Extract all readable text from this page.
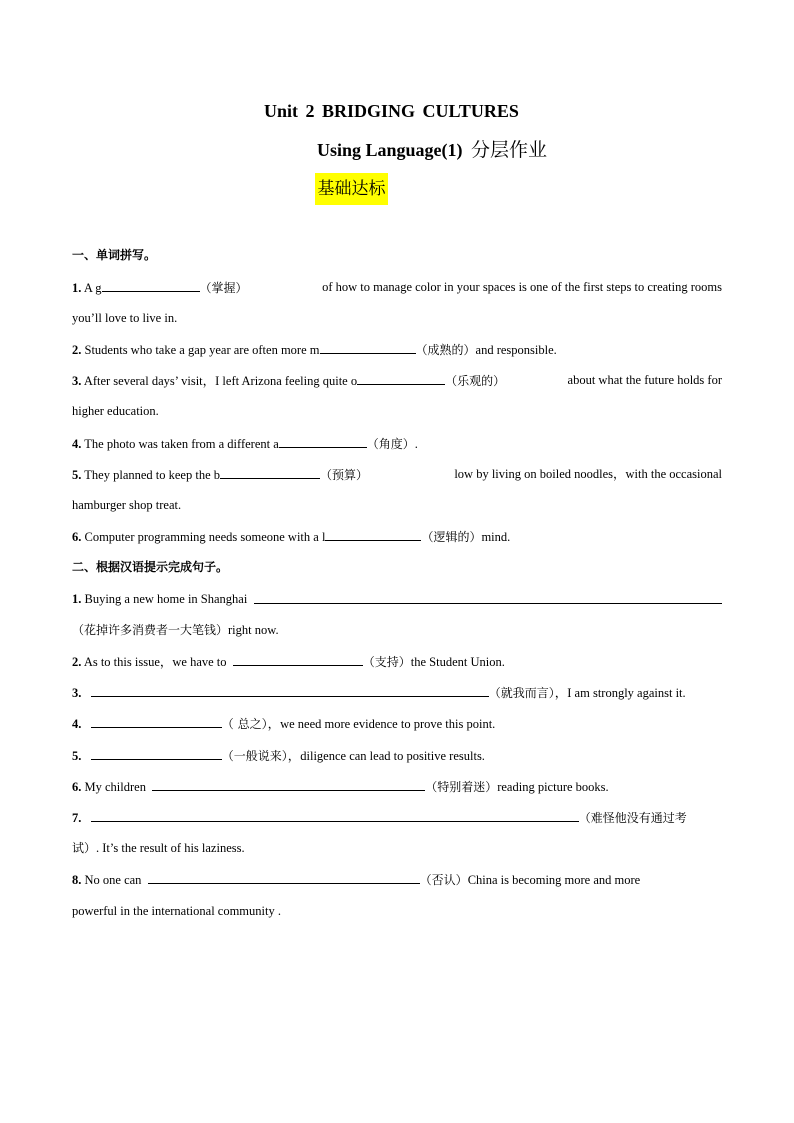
Unit 2 BRIDGING CULTURES
Using Language(1) 分层作业
基础达标
一、单词拼写。
1. A g	（掌握）	of how to manage color in your spaces is one of the first steps to creating rooms
you’ll love to live in.
2. Students who take a gap year are often more m	（成熟的）and responsible.
3. After several days’ visit，I left Arizona feeling quite o	（乐观的）	about what the future holds for
higher education.
4. The photo was taken from a different a	（角度）.
5. They planned to keep the b	（预算）	low by living on boiled noodles，with the occasional
hamburger shop treat.
6. Computer programming needs someone with a l	（逻辑的）mind.
二、根据汉语提示完成句子。
1. Buying a new home in Shanghai
（花掉许多消费者一大笔钱）right now.
2. As to this issue，we have to	（支持）the Student Union.
3.	（就我而言），I am strongly against it.
4.	（ 总之），we need more evidence to prove this point.
5.	（一般说来），diligence can lead to positive results.
6. My children	（特别着迷）reading picture books.
7.	（难怪他没有通过考
试）. It’s the result of his laziness.
8. No one can	（否认）China is becoming more and more
powerful in the international community .
